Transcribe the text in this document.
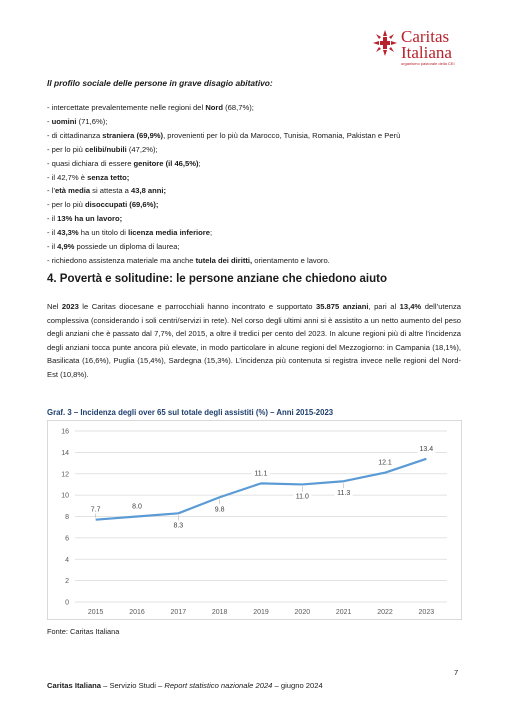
Caritas
Italiana
organismo pastorale della CEI
Il profilo sociale delle persone in grave disagio abitativo:
- intercettate prevalentemente nelle regioni del Nord (68,7%);
- uomini (71,6%);
- di cittadinanza straniera (69,9%), provenienti per lo più da Marocco, Tunisia, Romania, Pakistan e Perù
- per lo più celibi/nubili (47,2%);
- quasi dichiara di essere genitore (il 46,5%);
- il 42,7% è senza tetto;
- l’età media si attesta a 43,8 anni;
- per lo più disoccupati (69,6%);
- il 13% ha un lavoro;
- il 43,3% ha un titolo di licenza media inferiore;
- il 4,9% possiede un diploma di laurea;
- richiedono assistenza materiale ma anche tutela dei diritti, orientamento e lavoro.
4. Povertà e solitudine: le persone anziane che chiedono aiuto

Nel 2023 le Caritas diocesane e parrocchiali hanno incontrato e supportato 35.875 anziani, pari al 13,4% dell’utenza complessiva (considerando i soli centri/servizi in rete). Nel corso degli ultimi anni si è assistito a un netto aumento del peso degli anziani che è passato dal 7,7%, del 2015, a oltre il tredici per cento del 2023. In alcune regioni più di altre l’incidenza degli anziani tocca punte ancora più elevate, in modo particolare in alcune regioni del Mezzogiorno: in Campania (18,1%), Basilicata (16,6%), Puglia (15,4%), Sardegna (15,3%). L’incidenza più contenuta si registra invece nelle regioni del Nord-Est (10,8%).

Graf. 3 – Incidenza degli over 65 sul totale degli assistiti (%) – Anni 2015-2023
0
2
4
6
8
10
12
14
16
2015	2016	2017	2018	2019	2020	2021	2022	2023
7.7	8.0
8.3
9.8
11.1
11.0	11.3
12.1
13.4
Fonte: Caritas Italiana
7
Caritas Italiana – Servizio Studi – Report statistico nazionale 2024 – giugno 2024
